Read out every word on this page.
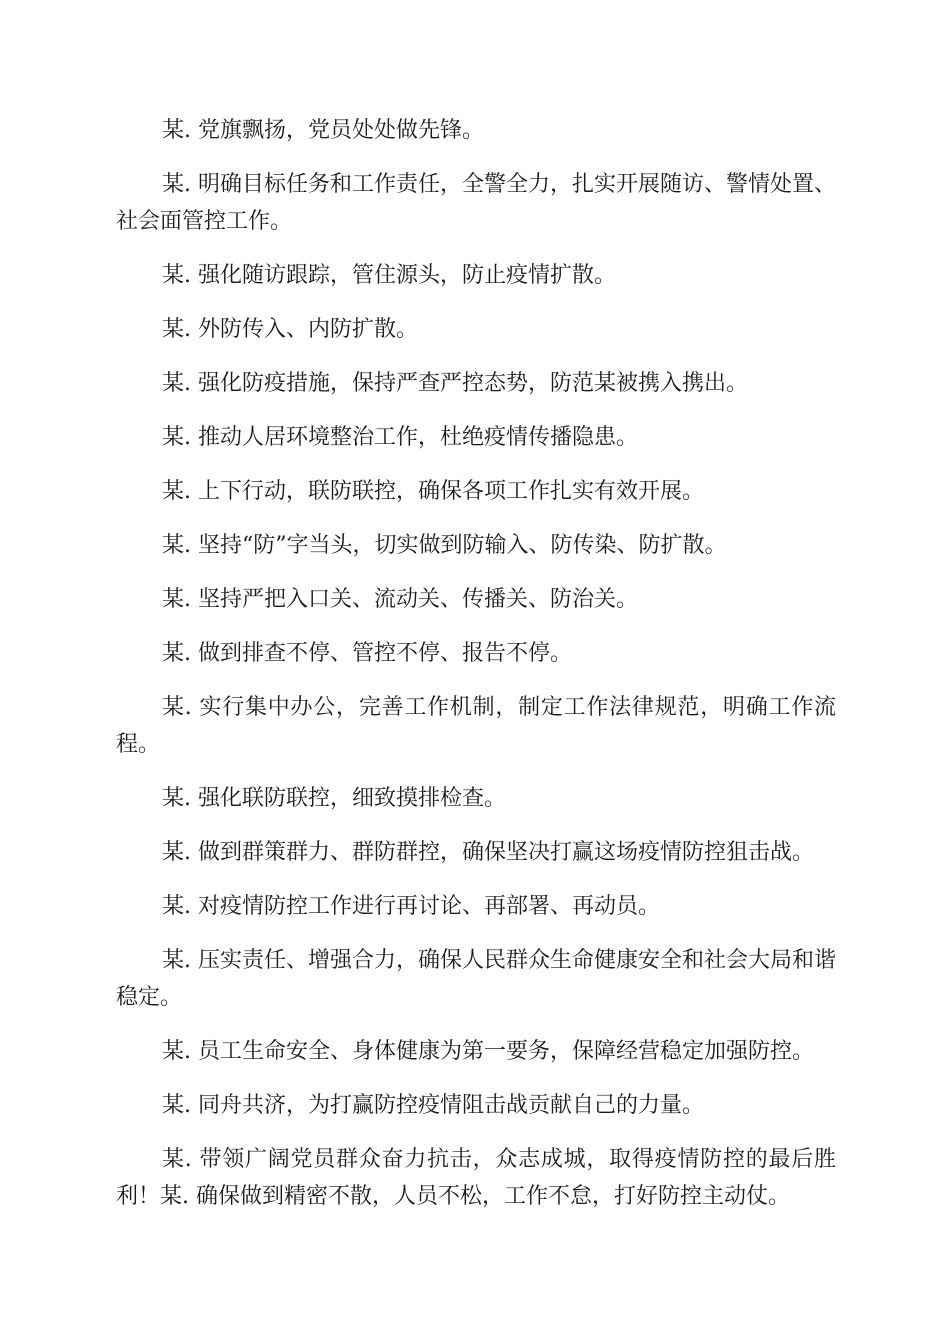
某. 党旗飘扬，党员处处做先锋。

某. 明确目标任务和工作责任，全警全力，扎实开展随访、警情处置、社会面管控工作。

某. 强化随访跟踪，管住源头，防止疫情扩散。

某. 外防传入、内防扩散。

某. 强化防疫措施，保持严查严控态势，防范某被携入携出。

某. 推动人居环境整治工作，杜绝疫情传播隐患。

某. 上下行动，联防联控，确保各项工作扎实有效开展。

某. 坚持“防”字当头，切实做到防输入、防传染、防扩散。

某. 坚持严把入口关、流动关、传播关、防治关。

某. 做到排查不停、管控不停、报告不停。

某. 实行集中办公，完善工作机制，制定工作法律规范，明确工作流程。

某. 强化联防联控，细致摸排检查。

某. 做到群策群力、群防群控，确保坚决打赢这场疫情防控狙击战。

某. 对疫情防控工作进行再讨论、再部署、再动员。

某. 压实责任、增强合力，确保人民群众生命健康安全和社会大局和谐稳定。

某. 员工生命安全、身体健康为第一要务，保障经营稳定加强防控。

某. 同舟共济，为打赢防控疫情阻击战贡献自己的力量。

某. 带领广阔党员群众奋力抗击，众志成城，取得疫情防控的最后胜利！某. 确保做到精密不散，人员不松，工作不怠，打好防控主动仗。
